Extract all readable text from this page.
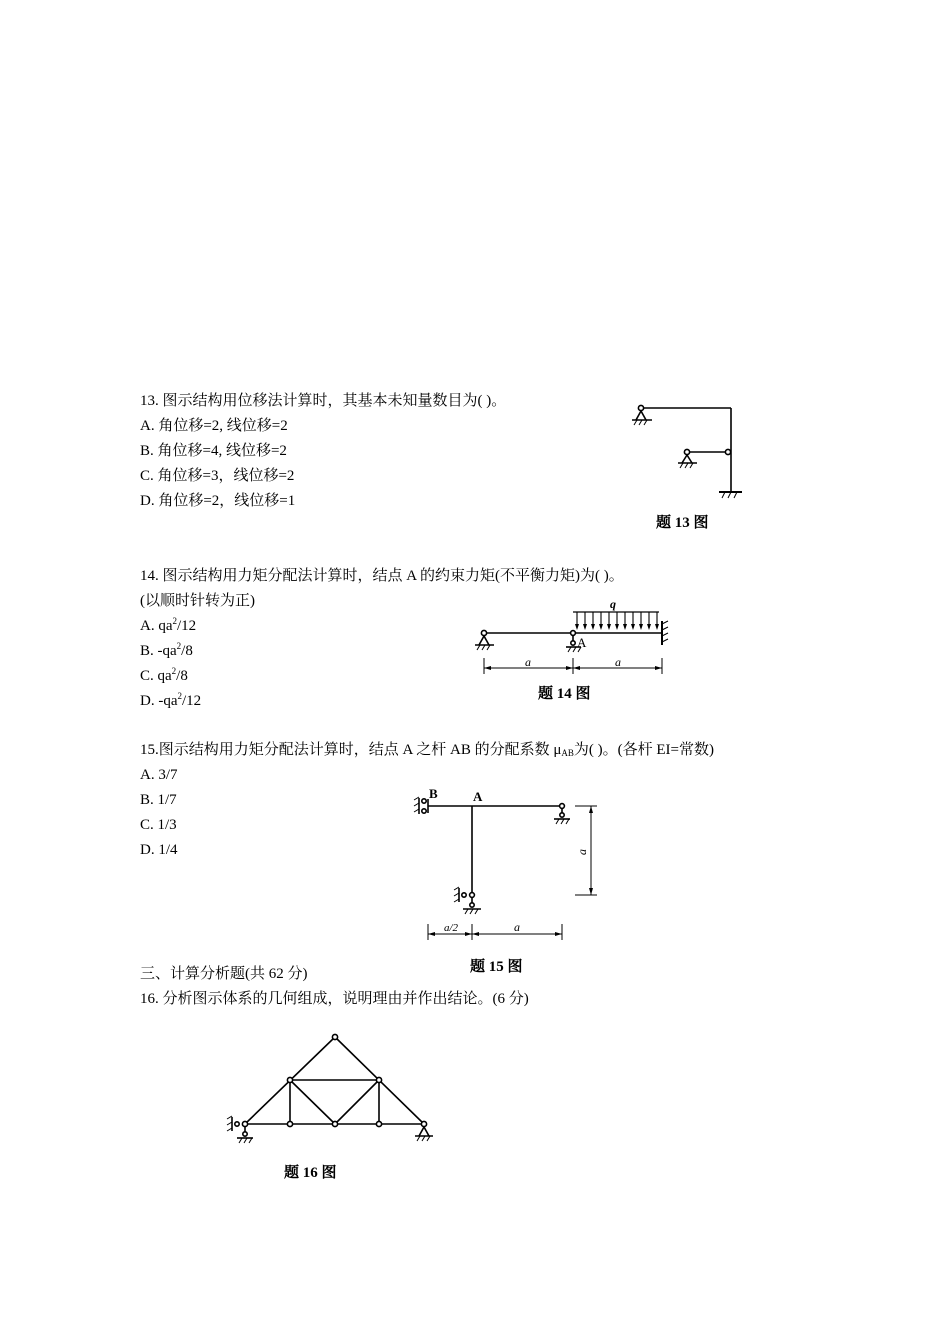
13. 图示结构用位移法计算时，其基本未知量数目为( )。
A. 角位移=2, 线位移=2
B. 角位移=4, 线位移=2
C. 角位移=3，线位移=2
D. 角位移=2，线位移=1
题 13 图
14. 图示结构用力矩分配法计算时，结点 A 的约束力矩(不平衡力矩)为( )。
(以顺时针转为正)
A. $qa^2/12$
B. $-qa^2/8$
C. $qa^2/8$
D. $-qa^2/12$
q
A
a	a
题 14 图
15.图示结构用力矩分配法计算时，结点 A 之杆 AB 的分配系数 $\mu_{AB}$为( )。(各杆 EI=常数)
A. 3/7
B. 1/7
C. 1/3
D. 1/4
B	A
a
a/2	a
题 15 图
三、计算分析题(共 62 分)
16. 分析图示体系的几何组成，说明理由并作出结论。(6 分)
题 16 图
